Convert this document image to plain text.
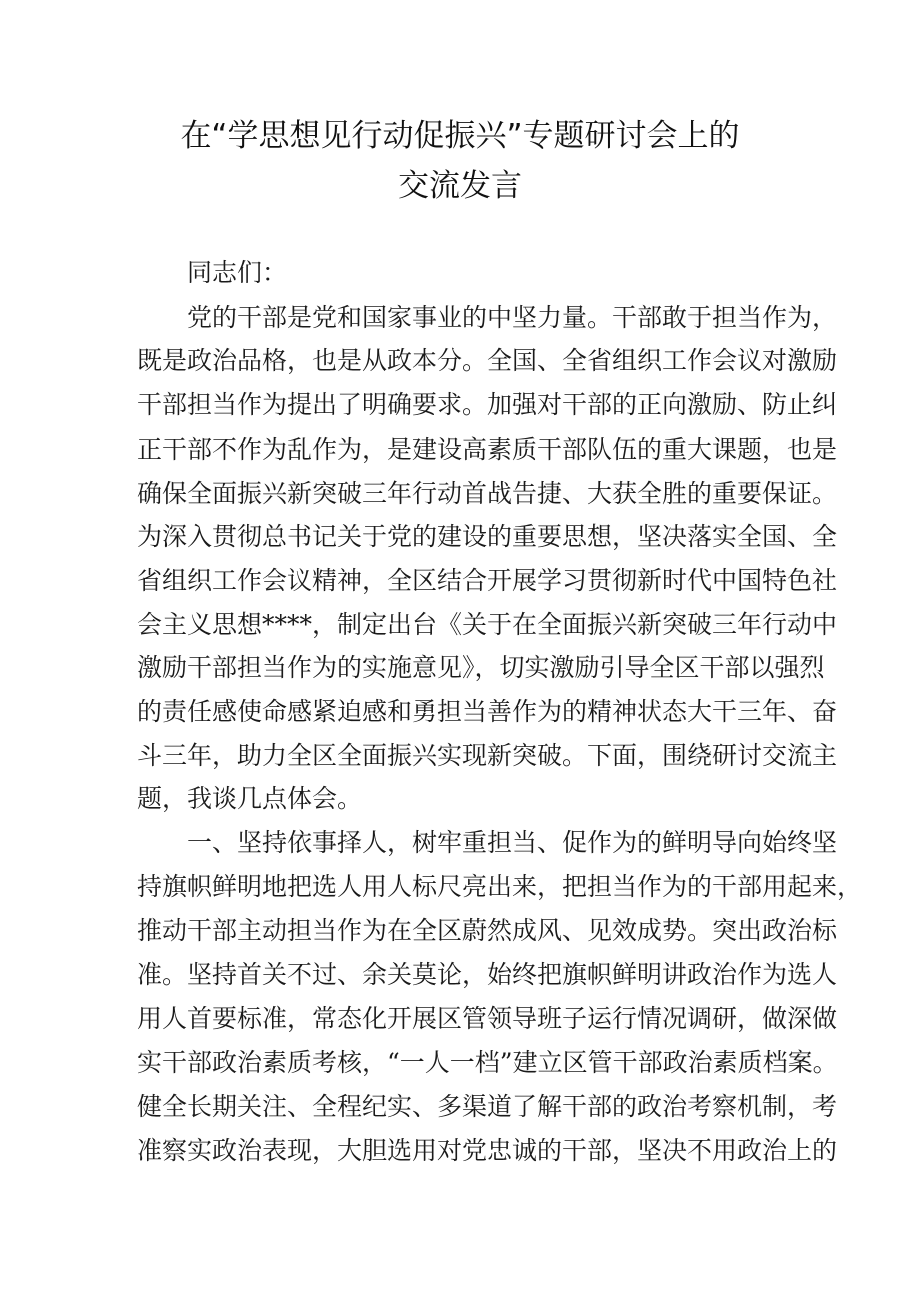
在“学思想见行动促振兴”专题研讨会上的
交流发言
同志们：
党的干部是党和国家事业的中坚力量。干部敢于担当作为，
既是政治品格，也是从政本分。全国、全省组织工作会议对激励
干部担当作为提出了明确要求。加强对干部的正向激励、防止纠
正干部不作为乱作为，是建设高素质干部队伍的重大课题，也是
确保全面振兴新突破三年行动首战告捷、大获全胜的重要保证。
为深入贯彻总书记关于党的建设的重要思想，坚决落实全国、全
省组织工作会议精神，全区结合开展学习贯彻新时代中国特色社
会主义思想****，制定出台《关于在全面振兴新突破三年行动中
激励干部担当作为的实施意见》，切实激励引导全区干部以强烈
的责任感使命感紧迫感和勇担当善作为的精神状态大干三年、奋
斗三年，助力全区全面振兴实现新突破。下面，围绕研讨交流主
题，我谈几点体会。
一、坚持依事择人，树牢重担当、促作为的鲜明导向始终坚
持旗帜鲜明地把选人用人标尺亮出来，把担当作为的干部用起来，
推动干部主动担当作为在全区蔚然成风、见效成势。突出政治标
准。坚持首关不过、余关莫论，始终把旗帜鲜明讲政治作为选人
用人首要标准，常态化开展区管领导班子运行情况调研，做深做
实干部政治素质考核，“一人一档”建立区管干部政治素质档案。
健全长期关注、全程纪实、多渠道了解干部的政治考察机制，考
准察实政治表现，大胆选用对党忠诚的干部，坚决不用政治上的
